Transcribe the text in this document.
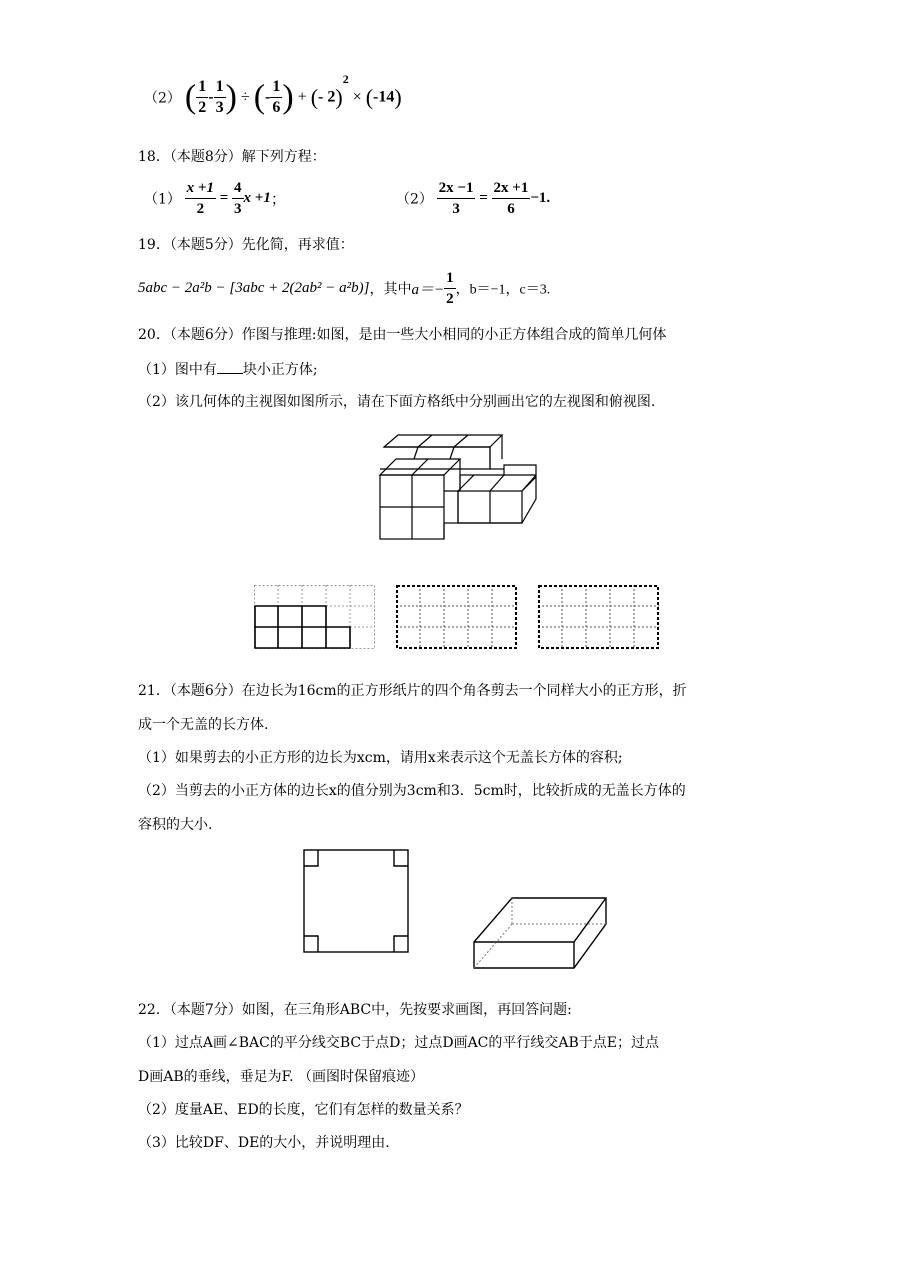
（2） ( $\frac{1}{2} - \frac{1}{3}$ ) ÷ (- $\frac{1}{6}$ ) + (- 2)$^2$ × (-14)
18．（本题8分）解下列方程：
$(1) \frac{x +1}{2} = \frac{4}{3}$ x +1；	$(2) \frac{2x -1}{3} = \frac{2x +1}{6} -1$.
19．（本题5分）先化简，再求值：
5abc − 2a²b − [3abc + 2(2ab² − a²b)]，其中$a=- \frac{1}{2}$ ，b＝−1，c＝3.
20．（本题6分）作图与推理:如图，是由一些大小相同的小正方体组合成的简单几何体
（1）图中有 块小正方体;
（2）该几何体的主视图如图所示，请在下面方格纸中分别画出它的左视图和俯视图.
21．（本题6分）在边长为16cm的正方形纸片的四个角各剪去一个同样大小的正方形，折
成一个无盖的长方体.
（1）如果剪去的小正方形的边长为xcm，请用x来表示这个无盖长方体的容积;
（2）当剪去的小正方体的边长x的值分别为3cm和3．5cm时，比较折成的无盖长方体的
容积的大小.
22．（本题7分）如图，在三角形ABC中，先按要求画图，再回答问题:
（1）过点A画∠BAC的平分线交BC于点D；过点D画AC的平行线交AB于点E；过点
D画AB的垂线，垂足为F. （画图时保留痕迹）
（2）度量AE、ED的长度，它们有怎样的数量关系？
（3）比较DF、DE的大小，并说明理由.
